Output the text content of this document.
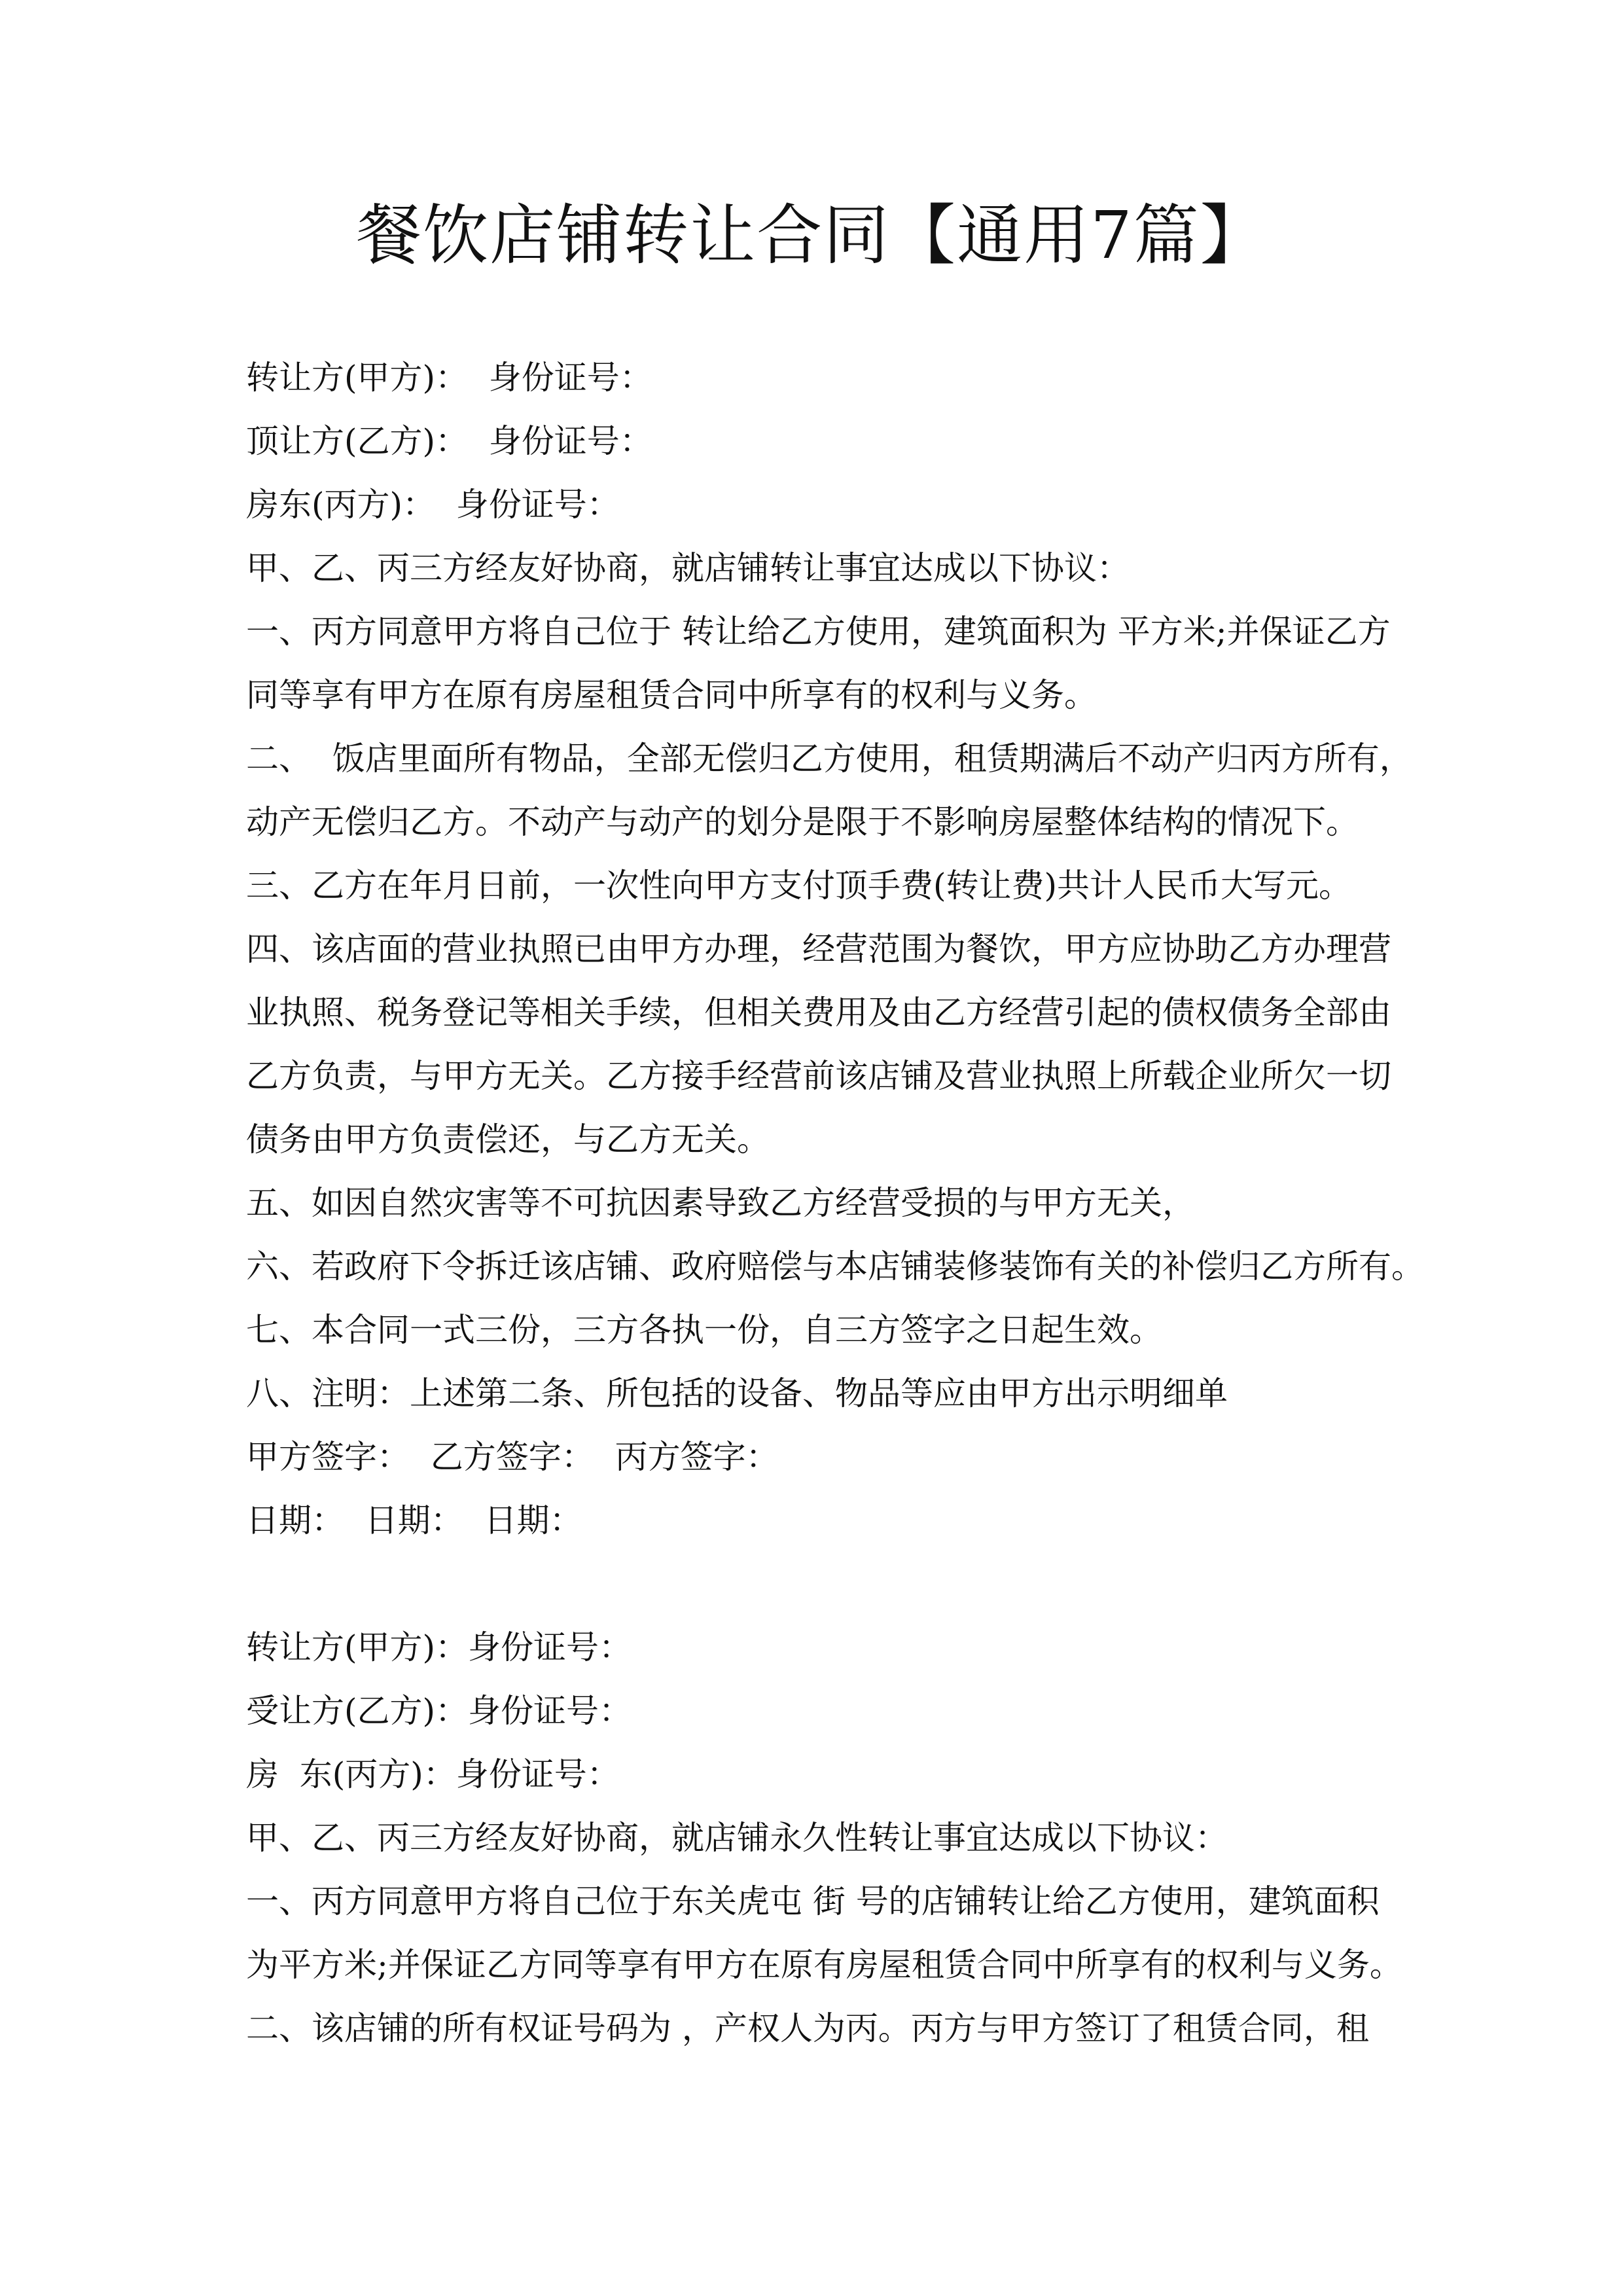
餐饮店铺转让合同【通用7篇】
转让方(甲方)：  身份证号：
顶让方(乙方)：  身份证号：
房东(丙方)：  身份证号：
甲、乙、丙三方经友好协商，就店铺转让事宜达成以下协议：
一、丙方同意甲方将自己位于 转让给乙方使用，建筑面积为 平方米;并保证乙方
同等享有甲方在原有房屋租赁合同中所享有的权利与义务。
二、  饭店里面所有物品，全部无偿归乙方使用，租赁期满后不动产归丙方所有，
动产无偿归乙方。不动产与动产的划分是限于不影响房屋整体结构的情况下。
三、乙方在年月日前，一次性向甲方支付顶手费(转让费)共计人民币大写元。
四、该店面的营业执照已由甲方办理，经营范围为餐饮，甲方应协助乙方办理营
业执照、税务登记等相关手续，但相关费用及由乙方经营引起的债权债务全部由
乙方负责，与甲方无关。乙方接手经营前该店铺及营业执照上所载企业所欠一切
债务由甲方负责偿还，与乙方无关。
五、如因自然灾害等不可抗因素导致乙方经营受损的与甲方无关，
六、若政府下令拆迁该店铺、政府赔偿与本店铺装修装饰有关的补偿归乙方所有。
七、本合同一式三份，三方各执一份，自三方签字之日起生效。
八、注明：上述第二条、所包括的设备、物品等应由甲方出示明细单
甲方签字：  乙方签字：  丙方签字：
日期：  日期：  日期：
转让方(甲方)：身份证号：
受让方(乙方)：身份证号：
房  东(丙方)：身份证号：
甲、乙、丙三方经友好协商，就店铺永久性转让事宜达成以下协议：
一、丙方同意甲方将自己位于东关虎屯 街 号的店铺转让给乙方使用，建筑面积
为平方米;并保证乙方同等享有甲方在原有房屋租赁合同中所享有的权利与义务。
二、该店铺的所有权证号码为 ，产权人为丙。丙方与甲方签订了租赁合同，租
